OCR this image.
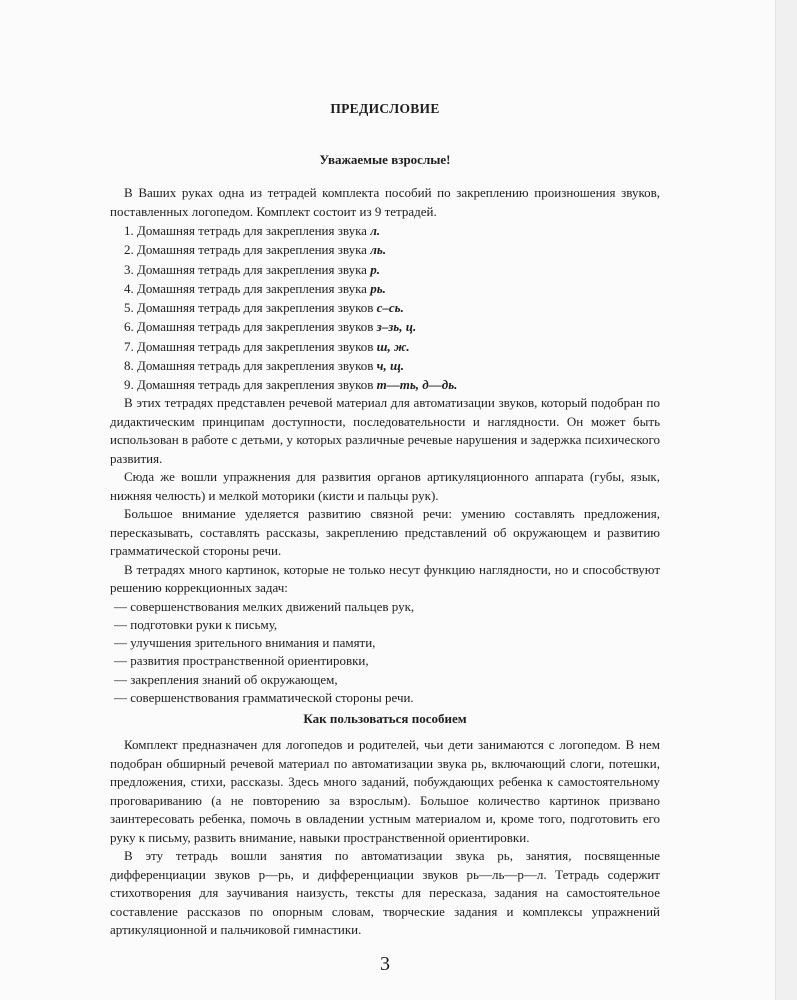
ПРЕДИСЛОВИЕ
Уважаемые взрослые!

В Ваших руках одна из тетрадей комплекта пособий по закреплению произношения звуков, поставленных логопедом. Комплект состоит из 9 тетрадей.

1. Домашняя тетрадь для закрепления звука л.
2. Домашняя тетрадь для закрепления звука ль.
3. Домашняя тетрадь для закрепления звука р.
4. Домашняя тетрадь для закрепления звука рь.
5. Домашняя тетрадь для закрепления звуков с–сь.
6. Домашняя тетрадь для закрепления звуков з–зь, ц.
7. Домашняя тетрадь для закрепления звуков ш, ж.
8. Домашняя тетрадь для закрепления звуков ч, щ.
9. Домашняя тетрадь для закрепления звуков т—ть, д—дь.

В этих тетрадях представлен речевой материал для автоматизации звуков, который подобран по дидактическим принципам доступности, последовательности и наглядности. Он может быть использован в работе с детьми, у которых различные речевые нарушения и задержка психического развития.

Сюда же вошли упражнения для развития органов артикуляционного аппарата (губы, язык, нижняя челюсть) и мелкой моторики (кисти и пальцы рук).

Большое внимание уделяется развитию связной речи: умению составлять предложения, пересказывать, составлять рассказы, закреплению представлений об окружающем и развитию грамматической стороны речи.

В тетрадях много картинок, которые не только несут функцию наглядности, но и способствуют решению коррекционных задач:

— совершенствования мелких движений пальцев рук,
— подготовки руки к письму,
— улучшения зрительного внимания и памяти,
— развития пространственной ориентировки,
— закрепления знаний об окружающем,
— совершенствования грамматической стороны речи.
Как пользоваться пособием

Комплект предназначен для логопедов и родителей, чьи дети занимаются с логопедом. В нем подобран обширный речевой материал по автоматизации звука рь, включающий слоги, потешки, предложения, стихи, рассказы. Здесь много заданий, побуждающих ребенка к самостоятельному проговариванию (а не повторению за взрослым). Большое количество картинок призвано заинтересовать ребенка, помочь в овладении устным материалом и, кроме того, подготовить его руку к письму, развить внимание, навыки пространственной ориентировки.

В эту тетрадь вошли занятия по автоматизации звука рь, занятия, посвященные дифференциации звуков р—рь, и дифференциации звуков рь—ль—р—л. Тетрадь содержит стихотворения для заучивания наизусть, тексты для пересказа, задания на самостоятельное составление рассказов по опорным словам, творческие задания и комплексы упражнений артикуляционной и пальчиковой гимнастики.

3
